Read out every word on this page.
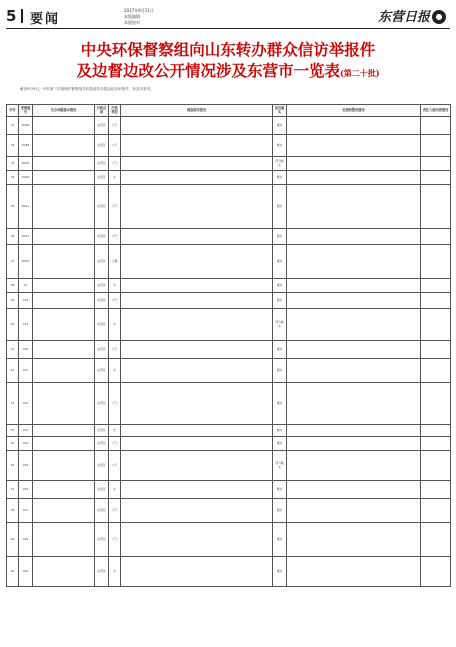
5 要闻
2017年9月11日
本版编辑
本版校对	东营日报
中央环保督察组向山东转办群众信访举报件
及边督边改公开情况涉及东营市一览表(第二十批)

截至9月9日，中央第三环境保护督察组共向我省转办群众信访举报件，涉及东营市。

序号	受理编号	交办问题基本情况	行政区域	污染类型	调查核实情况	是否属实	处理和整改情况	责任人被问责情况
31	D368		东营区	大气		属实	

32	D388		东营区	大气		属实	

33	D409		东营区	大气		部分属实	

34	D409		东营区	水		属实	

35	D411		东营区	大气		属实	

36	D431		东营区	大气		属实	

37	D434		东营区	土壤		属实	

38	X1		东营区	水		属实	

39	X18		东营区	大气		属实	

40	X19		东营区	水		部分属实	

41	X20		东营区	大气		属实	

42	X21		东营区	水		属实	

43	X22		东营区	大气		属实	

44	X23		东营区	水		属实	

45	X24		东营区	大气		属实	

46	X25		东营区	大气		部分属实	

47	X26		东营区	水		属实	

48	X27		东营区	大气		属实	

49	X28		东营区	大气		属实	

50	X29		东营区	水		属实	
